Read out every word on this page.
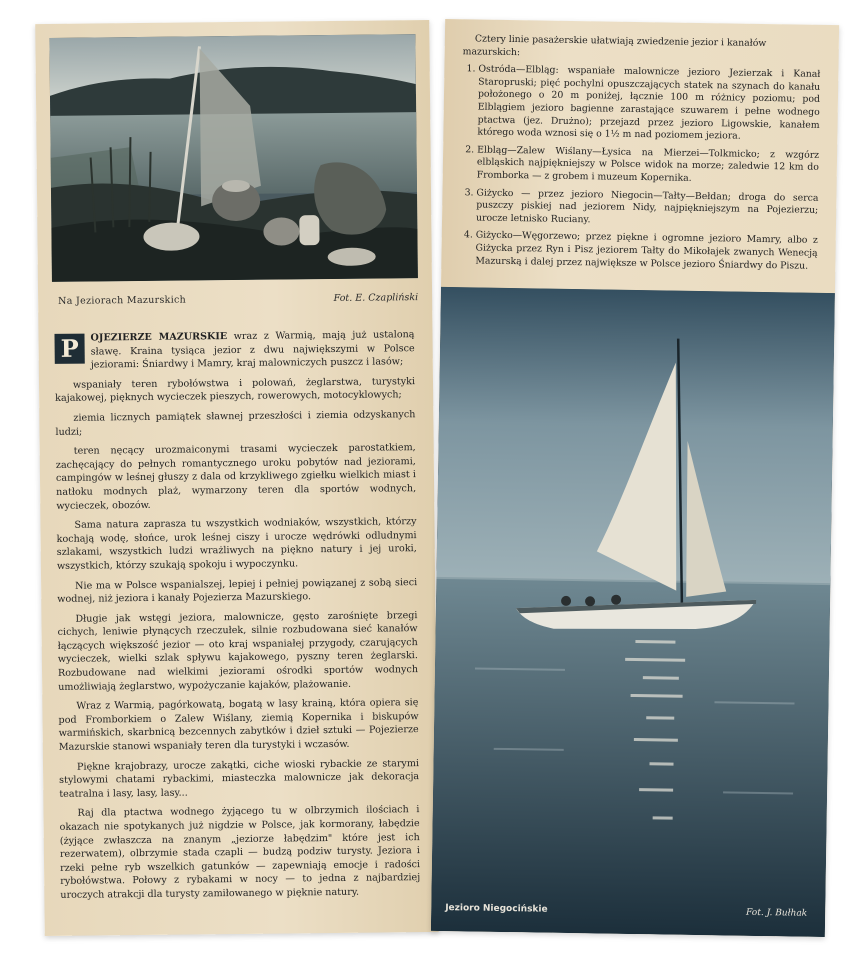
Na Jeziorach Mazurskich	Fot. E. Czapliński

P	OJEZIERZE MAZURSKIE wraz z Warmią, mają już ustaloną sławę. Kraina tysiąca jezior z dwu największymi w Polsce jeziorami: Śniardwy i Mamry, kraj malowniczych puszcz i lasów;

wspaniały teren rybołówstwa i polowań, żeglarstwa, turystyki kajakowej, pięknych wycieczek pieszych, rowerowych, motocyklowych;

ziemia licznych pamiątek sławnej przeszłości i ziemia odzyskanych ludzi;

teren nęcący urozmaiconymi trasami wycieczek parostatkiem, zachęcający do pełnych romantycznego uroku pobytów nad jeziorami, campingów w leśnej głuszy z dala od krzykliwego zgiełku wielkich miast i natłoku modnych plaż, wymarzony teren dla sportów wodnych, wycieczek, obozów.

Sama natura zaprasza tu wszystkich wodniaków, wszystkich, którzy kochają wodę, słońce, urok leśnej ciszy i urocze wędrówki odludnymi szlakami, wszystkich ludzi wrażliwych na piękno natury i jej uroki, wszystkich, którzy szukają spokoju i wypoczynku.

Nie ma w Polsce wspanialszej, lepiej i pełniej powiązanej z sobą sieci wodnej, niż jeziora i kanały Pojezierza Mazurskiego.

Długie jak wstęgi jeziora, malownicze, gęsto zarośnięte brzegi cichych, leniwie płynących rzeczułek, silnie rozbudowana sieć kanałów łączących większość jezior — oto kraj wspaniałej przygody, czarujących wycieczek, wielki szlak spływu kajakowego, pyszny teren żeglarski. Rozbudowane nad wielkimi jeziorami ośrodki sportów wodnych umożliwiają żeglarstwo, wypożyczanie kajaków, plażowanie.

Wraz z Warmią, pagórkowatą, bogatą w lasy krainą, która opiera się pod Fromborkiem o Zalew Wiślany, ziemią Kopernika i biskupów warmińskich, skarbnicą bezcennych zabytków i dzieł sztuki — Pojezierze Mazurskie stanowi wspaniały teren dla turystyki i wczasów.

Piękne krajobrazy, urocze zakątki, ciche wioski rybackie ze starymi stylowymi chatami rybackimi, miasteczka malownicze jak dekoracja teatralna i lasy, lasy, lasy...

Raj dla ptactwa wodnego żyjącego tu w olbrzymich ilościach i okazach nie spotykanych już nigdzie w Polsce, jak kormorany, łabędzie (żyjące zwłaszcza na znanym „jeziorze łabędzim" które jest ich rezerwatem), olbrzymie stada czapli — budzą podziw turysty. Jeziora i rzeki pełne ryb wszelkich gatunków — zapewniają emocje i radości rybołówstwa. Połowy z rybakami w nocy — to jedna z najbardziej uroczych atrakcji dla turysty zamiłowanego w pięknie natury.

Cztery linie pasażerskie ułatwiają zwiedzenie jezior i kanałów mazurskich:

1. Ostróda—Elbląg: wspaniałe malownicze jezioro Jezierzak i Kanał Staropruski; pięć pochylni opuszczających statek na szynach do kanału położonego o 20 m poniżej, łącznie 100 m różnicy poziomu; pod Elblągiem jezioro bagienne zarastające szuwarem i pełne wodnego ptactwa (jez. Drużno); przejazd przez jezioro Ligowskie, kanałem którego woda wznosi się o 1½ m nad poziomem jeziora.
2. Elbląg—Zalew Wiślany—Łysica na Mierzei—Tolkmicko; z wzgórz elbląskich najpiękniejszy w Polsce widok na morze; zaledwie 12 km do Fromborka — z grobem i muzeum Kopernika.
3. Giżycko — przez jezioro Niegocin—Tałty—Bełdan; droga do serca puszczy piskiej nad jeziorem Nidy, najpiękniejszym na Pojezierzu; urocze letnisko Ruciany.
4. Giżycko—Węgorzewo; przez piękne i ogromne jezioro Mamry, albo z Giżycka przez Ryn i Pisz jeziorem Tałty do Mikołajek zwanych Wenecją Mazurską i dalej przez największe w Polsce jezioro Śniardwy do Piszu.
Jezioro Niegocińskie	Fot. J. Bułhak
